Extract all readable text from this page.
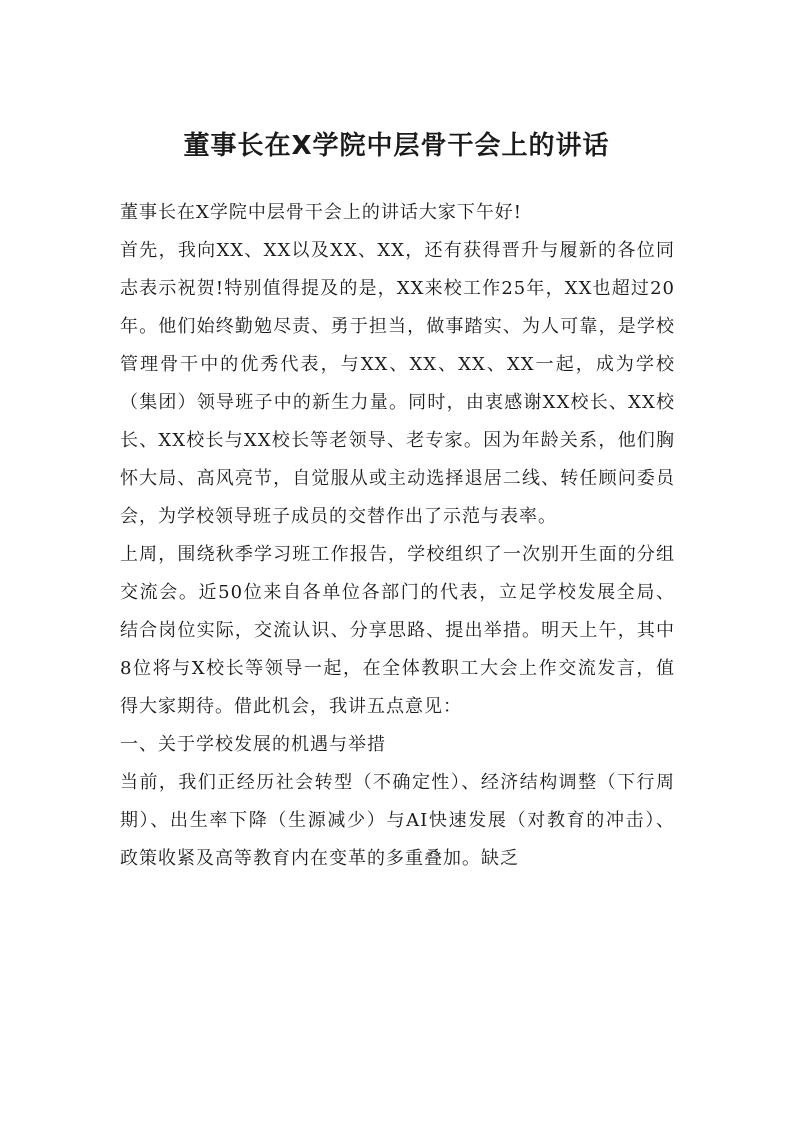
董事长在X学院中层骨干会上的讲话

董事长在X学院中层骨干会上的讲话大家下午好!

首先，我向XX、XX以及XX、XX，还有获得晋升与履新的各位同志表示祝贺!特别值得提及的是，XX来校工作25年，XX也超过20年。他们始终勤勉尽责、勇于担当，做事踏实、为人可靠，是学校管理骨干中的优秀代表，与XX、XX、XX、XX一起，成为学校（集团）领导班子中的新生力量。同时，由衷感谢XX校长、XX校长、XX校长与XX校长等老领导、老专家。因为年龄关系，他们胸怀大局、高风亮节，自觉服从或主动选择退居二线、转任顾问委员会，为学校领导班子成员的交替作出了示范与表率。

上周，围绕秋季学习班工作报告，学校组织了一次别开生面的分组交流会。近50位来自各单位各部门的代表，立足学校发展全局、结合岗位实际，交流认识、分享思路、提出举措。明天上午，其中8位将与X校长等领导一起，在全体教职工大会上作交流发言，值得大家期待。借此机会，我讲五点意见：

一、关于学校发展的机遇与举措

当前，我们正经历社会转型（不确定性）、经济结构调整（下行周期）、出生率下降（生源减少）与AI快速发展（对教育的冲击）、政策收紧及高等教育内在变革的多重叠加。缺乏
